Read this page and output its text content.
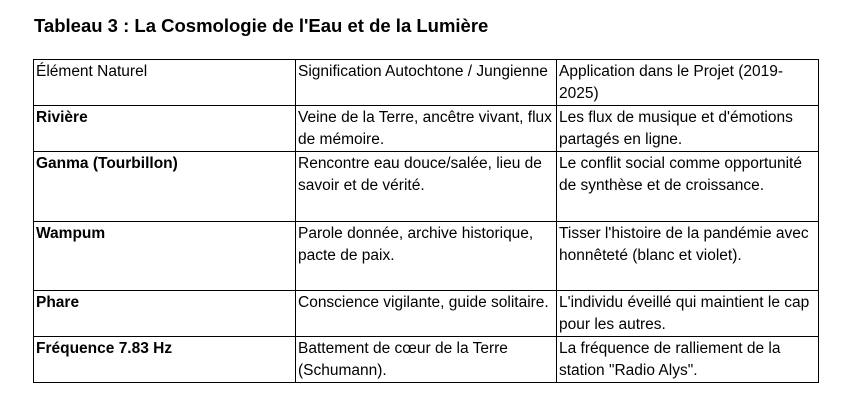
Tableau 3 : La Cosmologie de l'Eau et de la Lumière
Élément Naturel	Signification Autochtone / Jungienne	Application dans le Projet (2019-2025)
Rivière	Veine de la Terre, ancêtre vivant, flux de mémoire.	Les flux de musique et d'émotions partagés en ligne.
Ganma (Tourbillon)	Rencontre eau douce/salée, lieu de savoir et de vérité.	Le conflit social comme opportunité de synthèse et de croissance.
Wampum	Parole donnée, archive historique, pacte de paix.	Tisser l'histoire de la pandémie avec honnêteté (blanc et violet).
Phare	Conscience vigilante, guide solitaire.	L'individu éveillé qui maintient le cap pour les autres.
Fréquence 7.83 Hz	Battement de cœur de la Terre (Schumann).	La fréquence de ralliement de la station "Radio Alys".
